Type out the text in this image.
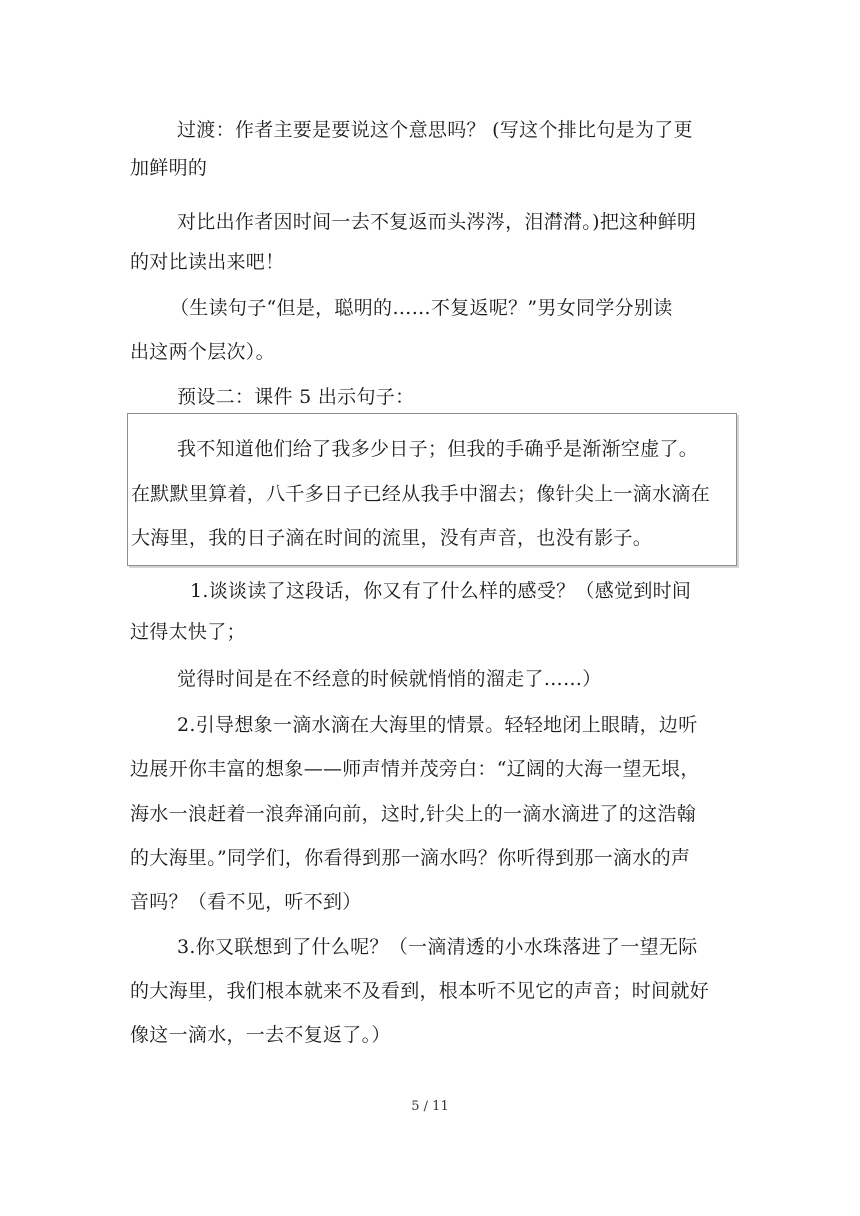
过渡：作者主要是要说这个意思吗？ (写这个排比句是为了更
加鲜明的
对比出作者因时间一去不复返而头涔涔，泪潸潸。)把这种鲜明
的对比读出来吧！
（生读句子“但是，聪明的……不复返呢？”男女同学分别读
出这两个层次）。
预设二：课件 5 出示句子：
我不知道他们给了我多少日子；但我的手确乎是渐渐空虚了。
在默默里算着，八千多日子已经从我手中溜去；像针尖上一滴水滴在
大海里，我的日子滴在时间的流里，没有声音，也没有影子。
1.谈谈读了这段话，你又有了什么样的感受？（感觉到时间
过得太快了；
觉得时间是在不经意的时候就悄悄的溜走了……）
2.引导想象一滴水滴在大海里的情景。轻轻地闭上眼睛，边听
边展开你丰富的想象——师声情并茂旁白：“辽阔的大海一望无垠，
海水一浪赶着一浪奔涌向前，这时,针尖上的一滴水滴进了的这浩翰
的大海里。”同学们，你看得到那一滴水吗？你听得到那一滴水的声
音吗？（看不见，听不到）
3.你又联想到了什么呢？（一滴清透的小水珠落进了一望无际
的大海里，我们根本就来不及看到，根本听不见它的声音；时间就好
像这一滴水，一去不复返了。）
5 / 11
